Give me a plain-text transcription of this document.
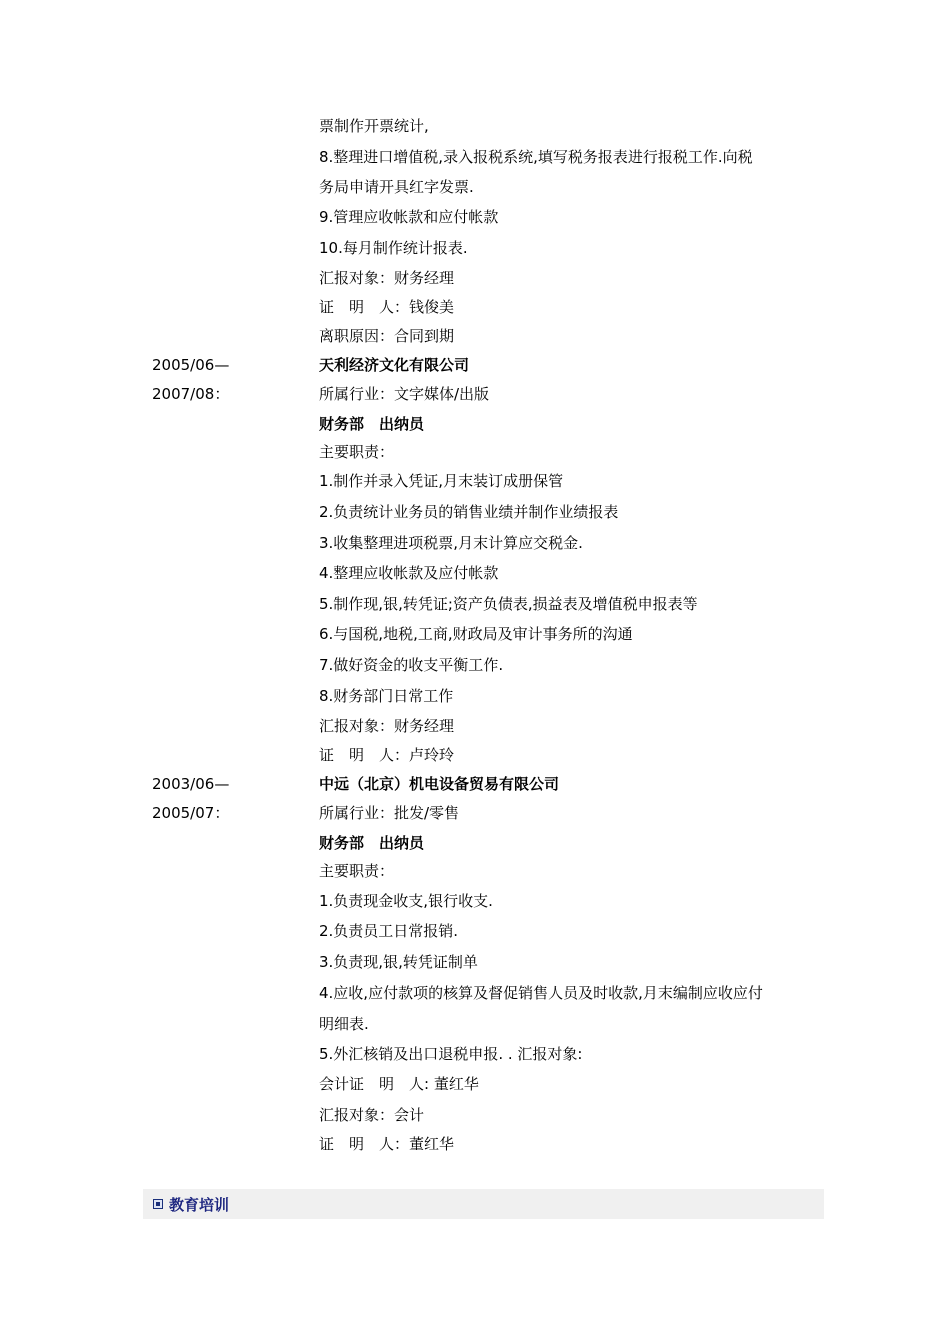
票制作开票统计,
8.整理进口增值税,录入报税系统,填写税务报表进行报税工作.向税
务局申请开具红字发票.
9.管理应收帐款和应付帐款
10.每月制作统计报表.
汇报对象：财务经理
证　明　人：钱俊美
离职原因：合同到期
2005/06—	天利经济文化有限公司
2007/08：	所属行业：文字媒体/出版
财务部　出纳员
主要职责：
1.制作并录入凭证,月末装订成册保管
2.负责统计业务员的销售业绩并制作业绩报表
3.收集整理进项税票,月末计算应交税金.
4.整理应收帐款及应付帐款
5.制作现,银,转凭证;资产负债表,损益表及增值税申报表等
6.与国税,地税,工商,财政局及审计事务所的沟通
7.做好资金的收支平衡工作.
8.财务部门日常工作
汇报对象：财务经理
证　明　人：卢玲玲
2003/06—	中远（北京）机电设备贸易有限公司
2005/07：	所属行业：批发/零售
财务部　出纳员
主要职责：
1.负责现金收支,银行收支.
2.负责员工日常报销.
3.负责现,银,转凭证制单
4.应收,应付款项的核算及督促销售人员及时收款,月末编制应收应付
明细表.
5.外汇核销及出口退税申报. . 汇报对象:
会计证　明　人: 董红华
汇报对象：会计
证　明　人：董红华
教育培训
